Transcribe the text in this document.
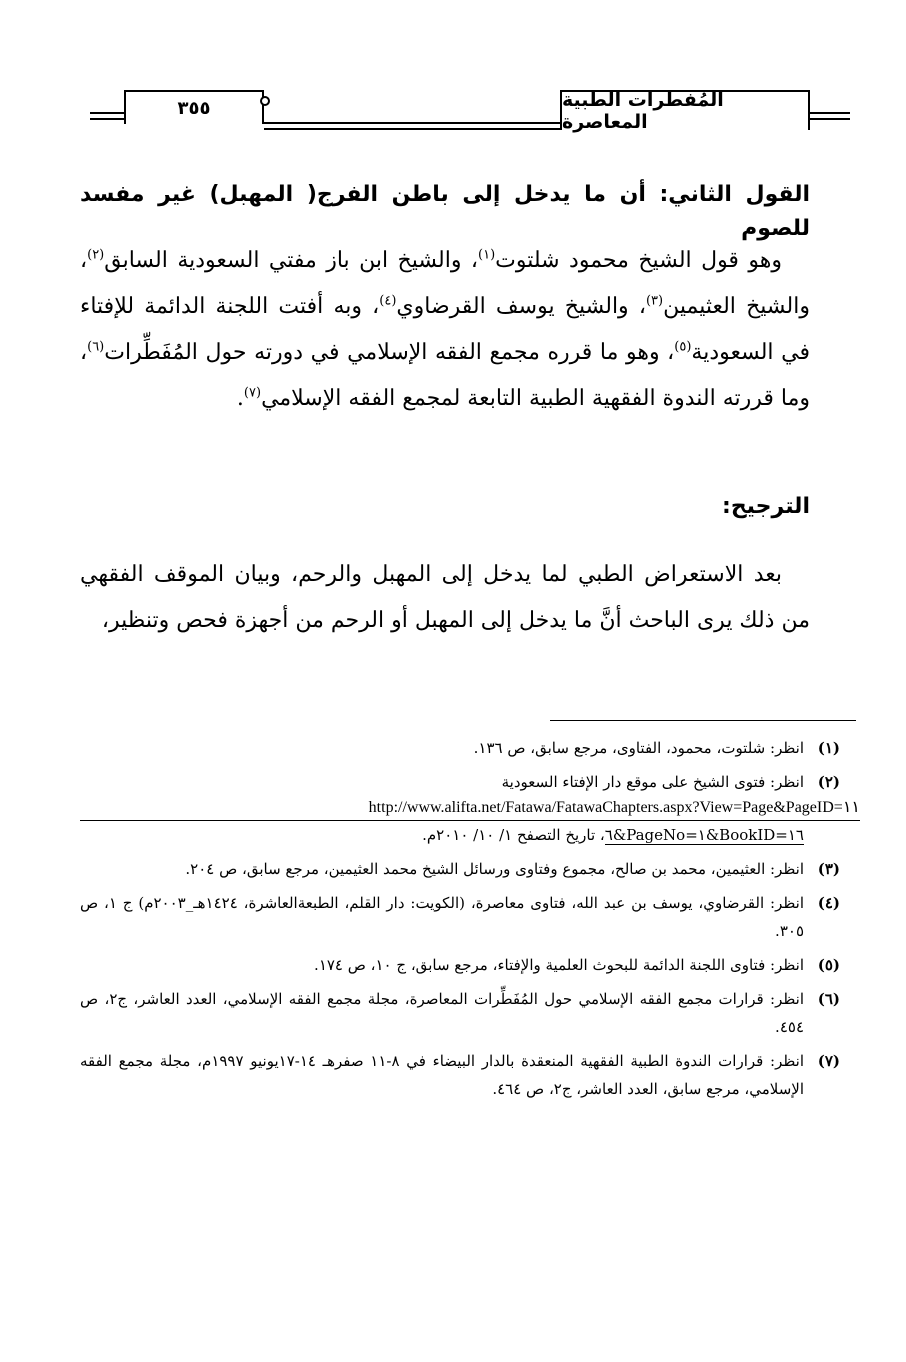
٣٥٥	المُفطرات الطبية المعاصرة
القول الثاني: أن ما يدخل إلى باطن الفرج( المهبل) غير مفسد للصوم
وهو قول الشيخ محمود شلتوت$^{(١)}$، والشيخ ابن باز مفتي السعودية السابق$^{(٢)}$، والشيخ العثيمين$^{(٣)}$، والشيخ يوسف القرضاوي$^{(٤)}$، وبه أفتت اللجنة الدائمة للإفتاء في السعودية$^{(٥)}$، وهو ما قرره مجمع الفقه الإسلامي في دورته حول المُفَطِّرات$^{(٦)}$، وما قررته الندوة الفقهية الطبية التابعة لمجمع الفقه الإسلامي$^{(٧)}$.
الترجيح:
بعد الاستعراض الطبي لما يدخل إلى المهبل والرحم، وبيان الموقف الفقهي من ذلك يرى الباحث أنَّ ما يدخل إلى المهبل أو الرحم من أجهزة فحص وتنظير،
(١)
انظر: شلتوت، محمود، الفتاوى، مرجع سابق، ص ١٣٦.
(٢)
انظر: فتوى الشيخ على موقع دار الإفتاء السعودية
http://www.alifta.net/Fatawa/FatawaChapters.aspx?View=Page&PageID=١١
٦&PageNo=١&BookID=١٦، تاريخ التصفح ١/ ١٠/ ٢٠١٠م.
(٣)
انظر: العثيمين، محمد بن صالح، مجموع وفتاوى ورسائل الشيخ محمد العثيمين، مرجع سابق، ص ٢٠٤.
(٤)
انظر: القرضاوي، يوسف بن عبد الله، فتاوى معاصرة، (الكويت: دار القلم، الطبعةالعاشرة، ١٤٢٤هـ_٢٠٠٣م) ج ١، ص ٣٠٥.
(٥)
انظر: فتاوى اللجنة الدائمة للبحوث العلمية والإفتاء، مرجع سابق، ج ١٠، ص ١٧٤.
(٦)
انظر: قرارات مجمع الفقه الإسلامي حول المُفَطِّرات المعاصرة، مجلة مجمع الفقه الإسلامي، العدد العاشر، ج٢، ص ٤٥٤.
(٧)
انظر: قرارات الندوة الطبية الفقهية المنعقدة بالدار البيضاء في ٨-١١ صفرهـ ١٤-١٧يونيو ١٩٩٧م، مجلة مجمع الفقه الإسلامي، مرجع سابق، العدد العاشر، ج٢، ص ٤٦٤.
